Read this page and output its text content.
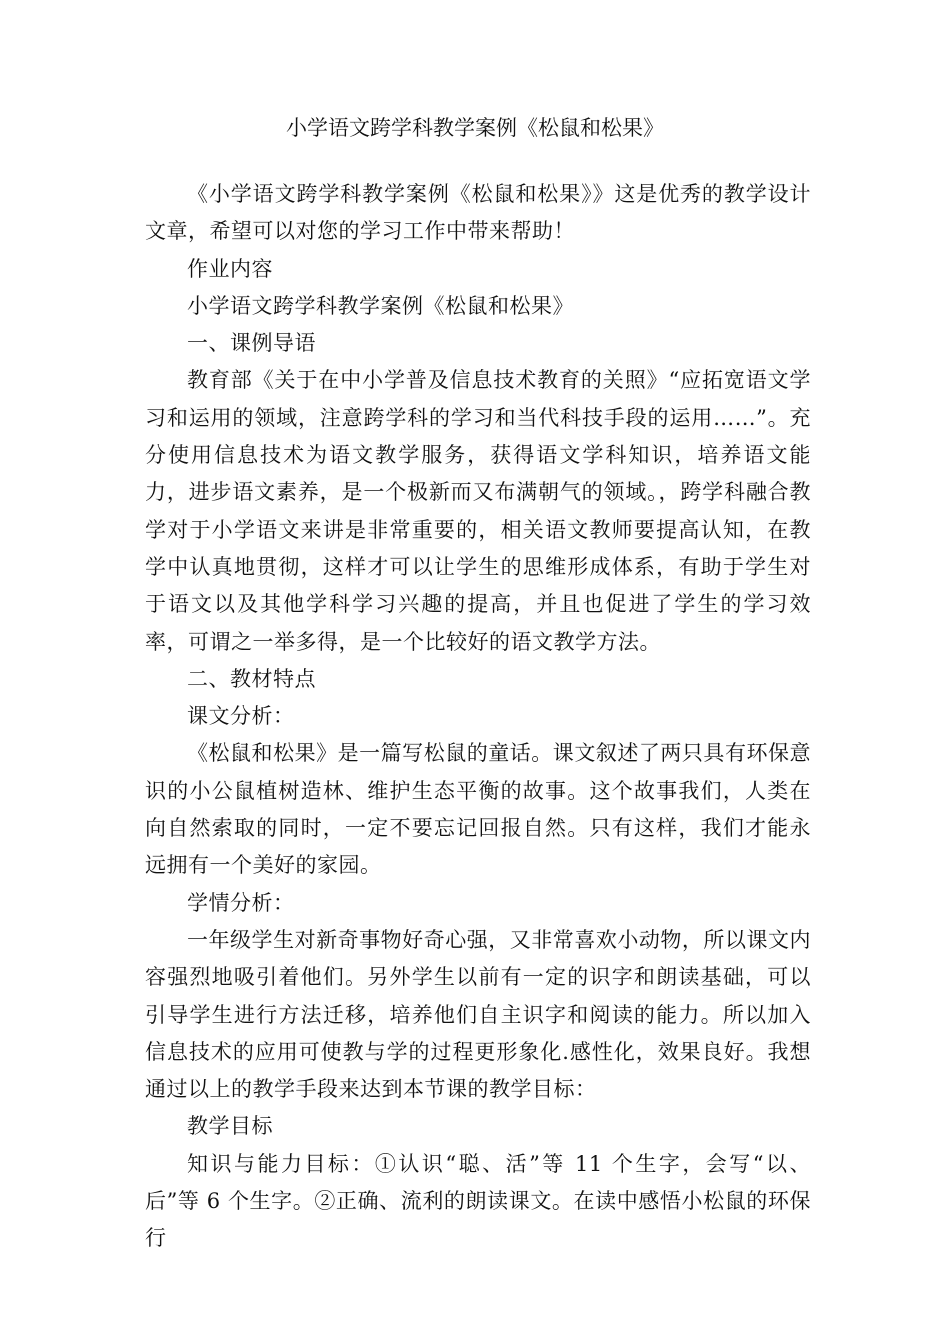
小学语文跨学科教学案例《松鼠和松果》

《小学语文跨学科教学案例《松鼠和松果》》这是优秀的教学设计文章，希望可以对您的学习工作中带来帮助！

作业内容

小学语文跨学科教学案例《松鼠和松果》

一、课例导语

教育部《关于在中小学普及信息技术教育的关照》“应拓宽语文学习和运用的领域，注意跨学科的学习和当代科技手段的运用……”。充分使用信息技术为语文教学服务，获得语文学科知识，培养语文能力，进步语文素养，是一个极新而又布满朝气的领域。，跨学科融合教学对于小学语文来讲是非常重要的，相关语文教师要提高认知，在教学中认真地贯彻，这样才可以让学生的思维形成体系，有助于学生对于语文以及其他学科学习兴趣的提高，并且也促进了学生的学习效率，可谓之一举多得，是一个比较好的语文教学方法。

二、教材特点

课文分析：

《松鼠和松果》是一篇写松鼠的童话。课文叙述了两只具有环保意识的小公鼠植树造林、维护生态平衡的故事。这个故事我们，人类在向自然索取的同时，一定不要忘记回报自然。只有这样，我们才能永远拥有一个美好的家园。

学情分析：

一年级学生对新奇事物好奇心强，又非常喜欢小动物，所以课文内容强烈地吸引着他们。另外学生以前有一定的识字和朗读基础，可以引导学生进行方法迁移，培养他们自主识字和阅读的能力。所以加入信息技术的应用可使教与学的过程更形象化.感性化，效果良好。我想通过以上的教学手段来达到本节课的教学目标：

教学目标

知识与能力目标：①认识“聪、活”等 11 个生字，会写“以、后”等 6 个生字。②正确、流利的朗读课文。在读中感悟小松鼠的环保行
